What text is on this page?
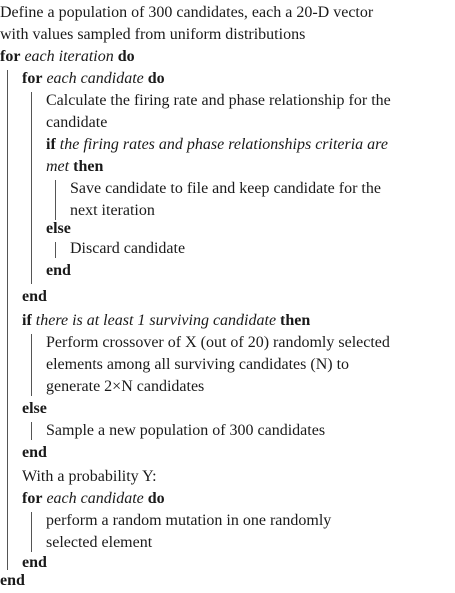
Define a population of 300 candidates, each a 20-D vector
with values sampled from uniform distributions
for each iteration do
for each candidate do
Calculate the firing rate and phase relationship for the
candidate
if the firing rates and phase relationships criteria are
met then
Save candidate to file and keep candidate for the
next iteration
else
Discard candidate
end
end
if there is at least 1 surviving candidate then
Perform crossover of X (out of 20) randomly selected
elements among all surviving candidates (N) to
generate 2×N candidates
else
Sample a new population of 300 candidates
end
With a probability Y:
for each candidate do
perform a random mutation in one randomly
selected element
end
end
